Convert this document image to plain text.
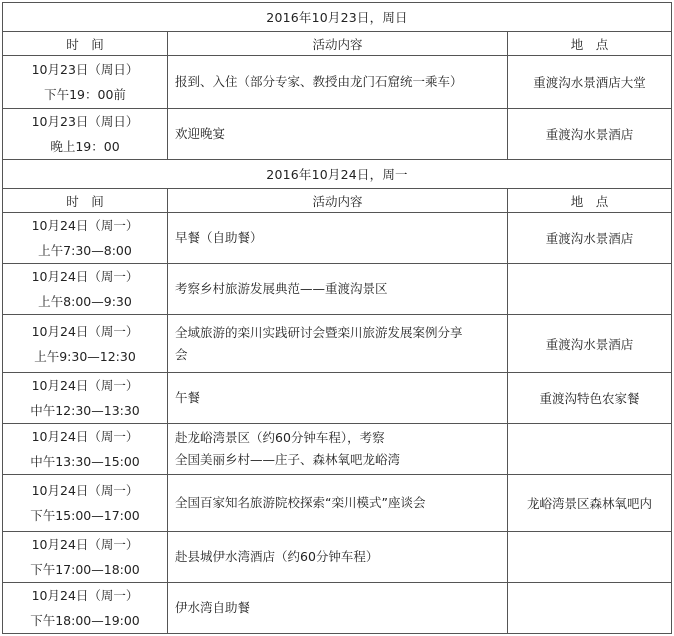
2016年10月23日，周日		
时　间	活动内容	地　点

10月23日（周日）
下午19：00前	报到、入住（部分专家、教授由龙门石窟统一乘车）	重渡沟水景酒店大堂

10月23日（周日）
晚上19：00	欢迎晚宴	重渡沟水景酒店
2016年10月24日，周一		
时　间	活动内容	地　点

10月24日（周一）
上午7:30—8:00	早餐（自助餐）	重渡沟水景酒店

10月24日（周一）
上午8:00—9:30	考察乡村旅游发展典范——重渡沟景区	

10月24日（周一）
上午9:30—12:30	全域旅游的栾川实践研讨会暨栾川旅游发展案例分享
会	重渡沟水景酒店

10月24日（周一）
中午12:30—13:30	午餐	重渡沟特色农家餐

10月24日（周一）
中午13:30—15:00	赴龙峪湾景区（约60分钟车程），考察
全国美丽乡村——庄子、森林氧吧龙峪湾	

10月24日（周一）
下午15:00—17:00	全国百家知名旅游院校探索“栾川模式”座谈会	龙峪湾景区森林氧吧内

10月24日（周一）
下午17:00—18:00	赴县城伊水湾酒店（约60分钟车程）	

10月24日（周一）
下午18:00—19:00	伊水湾自助餐	
